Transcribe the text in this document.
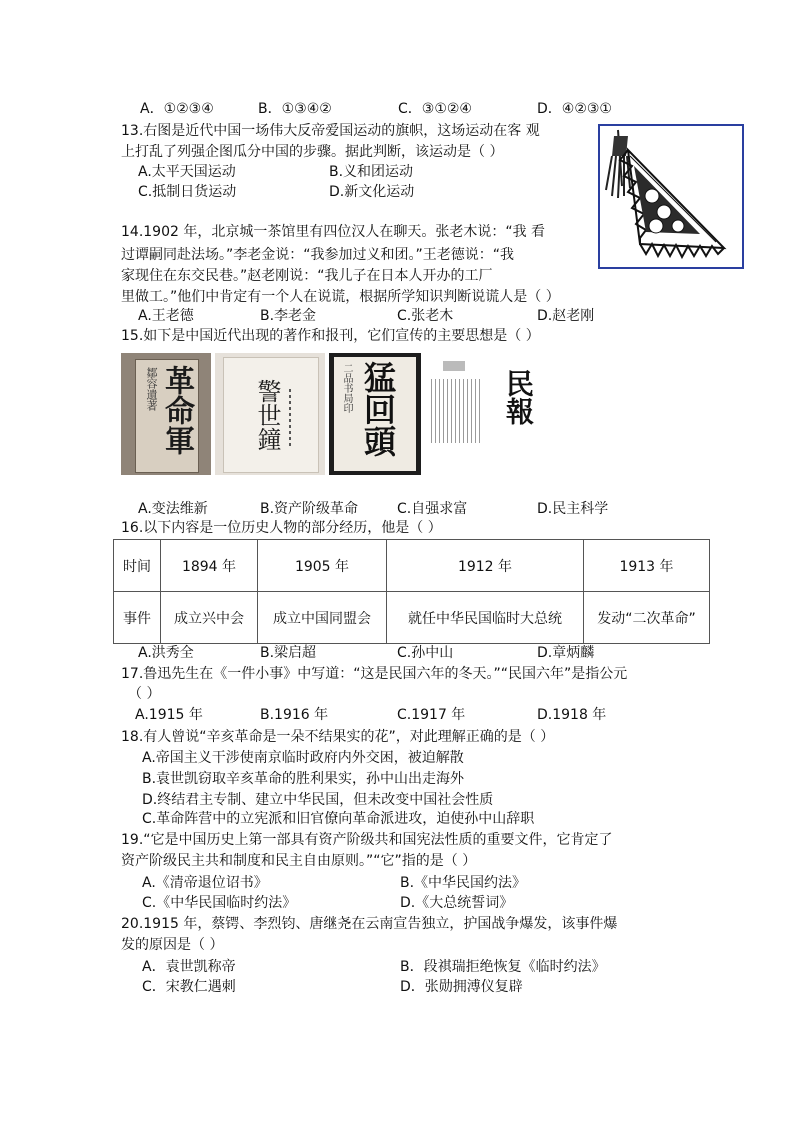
A．①②③④	B．①③④②	C．③①②④	D．④②③①
13.右图是近代中国一场伟大反帝爱国运动的旗帜，这场运动在客 观
上打乱了列强企图瓜分中国的步骤。据此判断，该运动是（ ）
A.太平天国运动	B.义和团运动
C.抵制日货运动	D.新文化运动
14.1902 年，北京城一茶馆里有四位汉人在聊天。张老木说：“我 看
过谭嗣同赴法场。”李老金说：“我参加过义和团。”王老德说：“我
家现住在东交民巷。”赵老刚说：“我儿子在日本人开办的工厂
里做工。”他们中肯定有一个人在说谎，根据所学知识判断说谎人是（ ）
A.王老德	B.李老金	C.张老木	D.赵老刚
15.如下是中国近代出现的著作和报刊，它们宣传的主要思想是（ ）
革命軍
鄒容遺著	警世鐘 猛回頭
二品书局印	民報
A.变法维新	B.资产阶级革命	C.自强求富	D.民主科学
16.以下内容是一位历史人物的部分经历，他是（ ）
时间	1894 年	1905 年	1912 年	1913 年
事件	成立兴中会	成立中国同盟会	就任中华民国临时大总统	发动“二次革命”
A.洪秀全	B.梁启超	C.孙中山	D.章炳麟
17.鲁迅先生在《一件小事》中写道：“这是民国六年的冬天。”“民国六年”是指公元
（ ）
A.1915 年	B.1916 年	C.1917 年	D.1918 年
18.有人曾说“辛亥革命是一朵不结果实的花”，对此理解正确的是（ ）
A.帝国主义干涉使南京临时政府内外交困，被迫解散
B.袁世凯窃取辛亥革命的胜利果实，孙中山出走海外
D.终结君主专制、建立中华民国，但未改变中国社会性质
C.革命阵营中的立宪派和旧官僚向革命派进攻，迫使孙中山辞职
19.“它是中国历史上第一部具有资产阶级共和国宪法性质的重要文件，它肯定了
资产阶级民主共和制度和民主自由原则。”“它”指的是（ ）
A.《清帝退位诏书》	B.《中华民国约法》
C.《中华民国临时约法》	D.《大总统誓词》
20.1915 年，蔡锷、李烈钧、唐继尧在云南宣告独立，护国战争爆发，该事件爆
发的原因是（ ）
A．袁世凯称帝	B．段祺瑞拒绝恢复《临时约法》
C．宋教仁遇刺	D．张勋拥溥仪复辟
